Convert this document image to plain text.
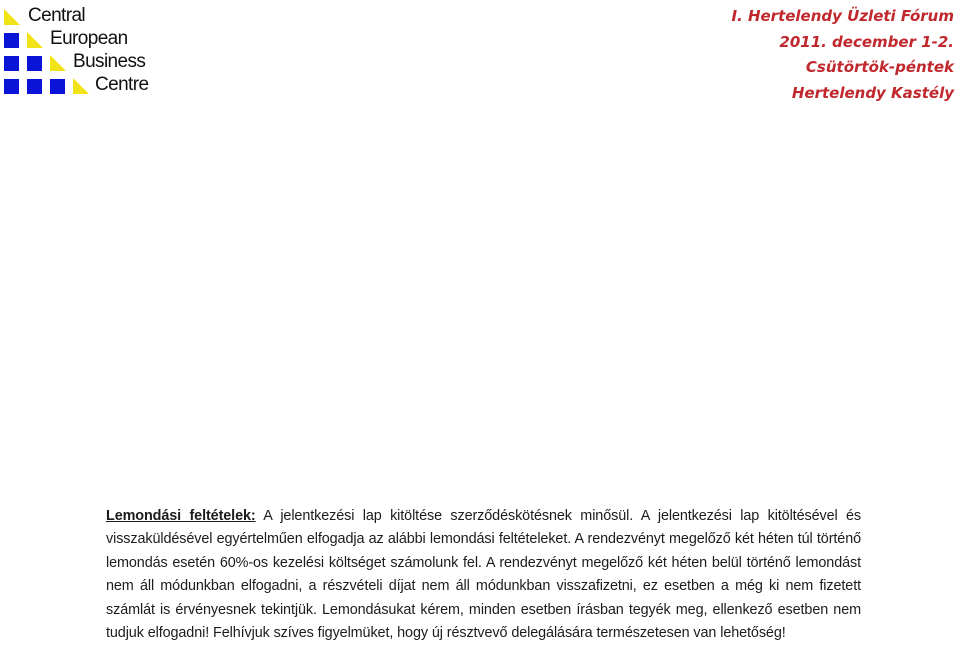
Central
European
Business
Centre
I. Hertelendy Üzleti Fórum
2011. december 1-2.
Csütörtök-péntek
Hertelendy Kastély
Lemondási feltételek: A jelentkezési lap kitöltése szerződéskötésnek minősül. A jelentkezési lap kitöltésével és visszaküldésével egyértelműen elfogadja az alábbi lemondási feltételeket. A rendezvényt megelőző két héten túl történő lemondás esetén 60%-os kezelési költséget számolunk fel. A rendezvényt megelőző két héten belül történő lemondást nem áll módunkban elfogadni, a részvételi díjat nem áll módunkban visszafizetni, ez esetben a még ki nem fizetett számlát is érvényesnek tekintjük. Lemondásukat kérem, minden esetben írásban tegyék meg, ellenkező esetben nem tudjuk elfogadni! Felhívjuk szíves figyelmüket, hogy új résztvevő delegálására természetesen van lehetőség!
